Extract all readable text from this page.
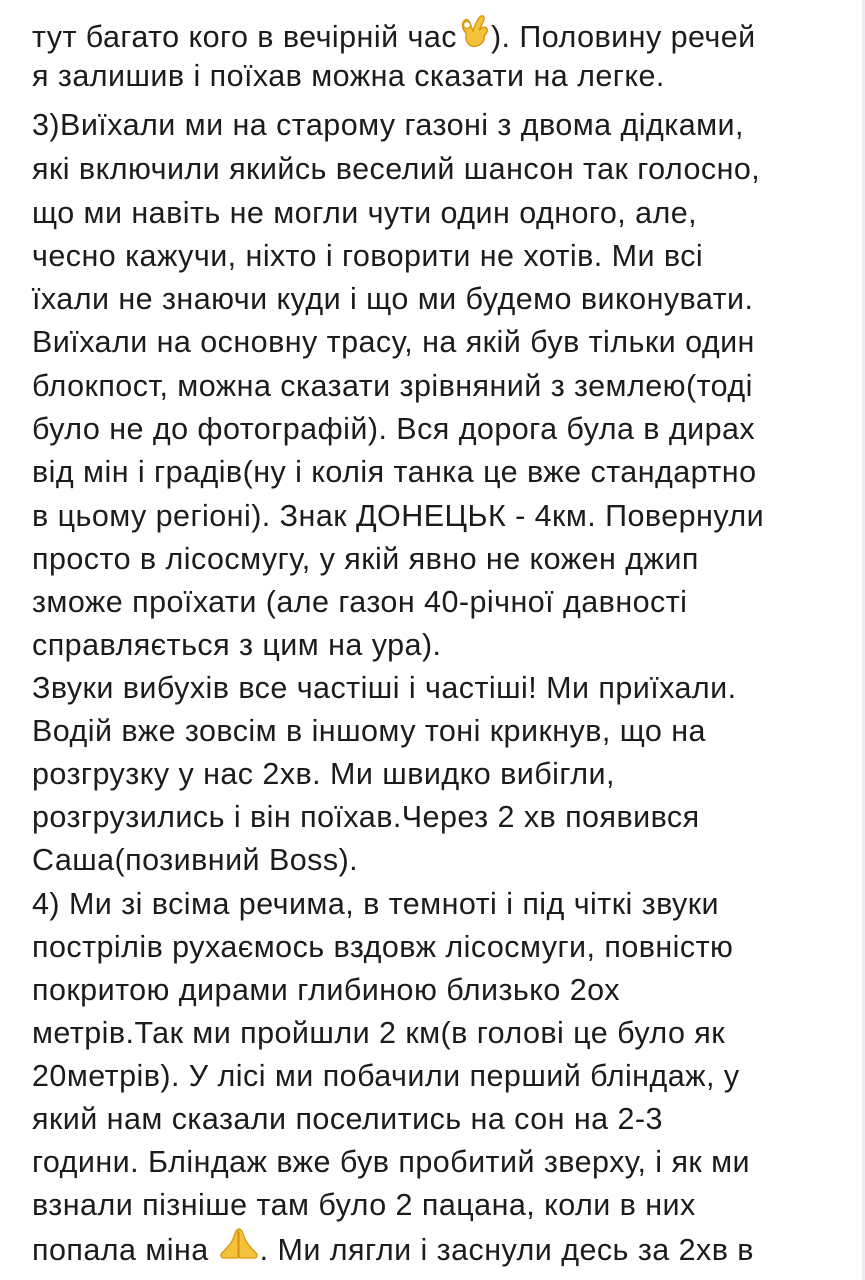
тут багато кого в вечірній час ). Половину речей
я залишив і поїхав можна сказати на легке.
3)Виїхали ми на старому газоні з двома дідками,
які включили якийсь веселий шансон так голосно,
що ми навіть не могли чути один одного, але,
чесно кажучи, ніхто і говорити не хотів. Ми всі
їхали не знаючи куди і що ми будемо виконувати.
Виїхали на основну трасу, на якій був тільки один
блокпост, можна сказати зрівняний з землею(тоді
було не до фотографій). Вся дорога була в дирах
від мін і градів(ну і колія танка це вже стандартно
в цьому регіоні). Знак ДОНЕЦЬК - 4км. Повернули
просто в лісосмугу, у якій явно не кожен джип
зможе проїхати (але газон 40-річної давності
справляється з цим на ура).
Звуки вибухів все частіші і частіші! Ми приїхали.
Водій вже зовсім в іншому тоні крикнув, що на
розгрузку у нас 2хв. Ми швидко вибігли,
розгрузились і він поїхав.Через 2 хв появився
Саша(позивний Boss).
4) Ми зі всіма речима, в темноті і під чіткі звуки
пострілів рухаємось вздовж лісосмуги, повністю
покритою дирами глибиною близько 2ох
метрів.Так ми пройшли 2 км(в голові це було як
20метрів). У лісі ми побачили перший бліндаж, у
який нам сказали поселитись на сон на 2-3
години. Бліндаж вже був пробитий зверху, і як ми
взнали пізніше там було 2 пацана, коли в них
попала міна . Ми лягли і заснули десь за 2хв в
